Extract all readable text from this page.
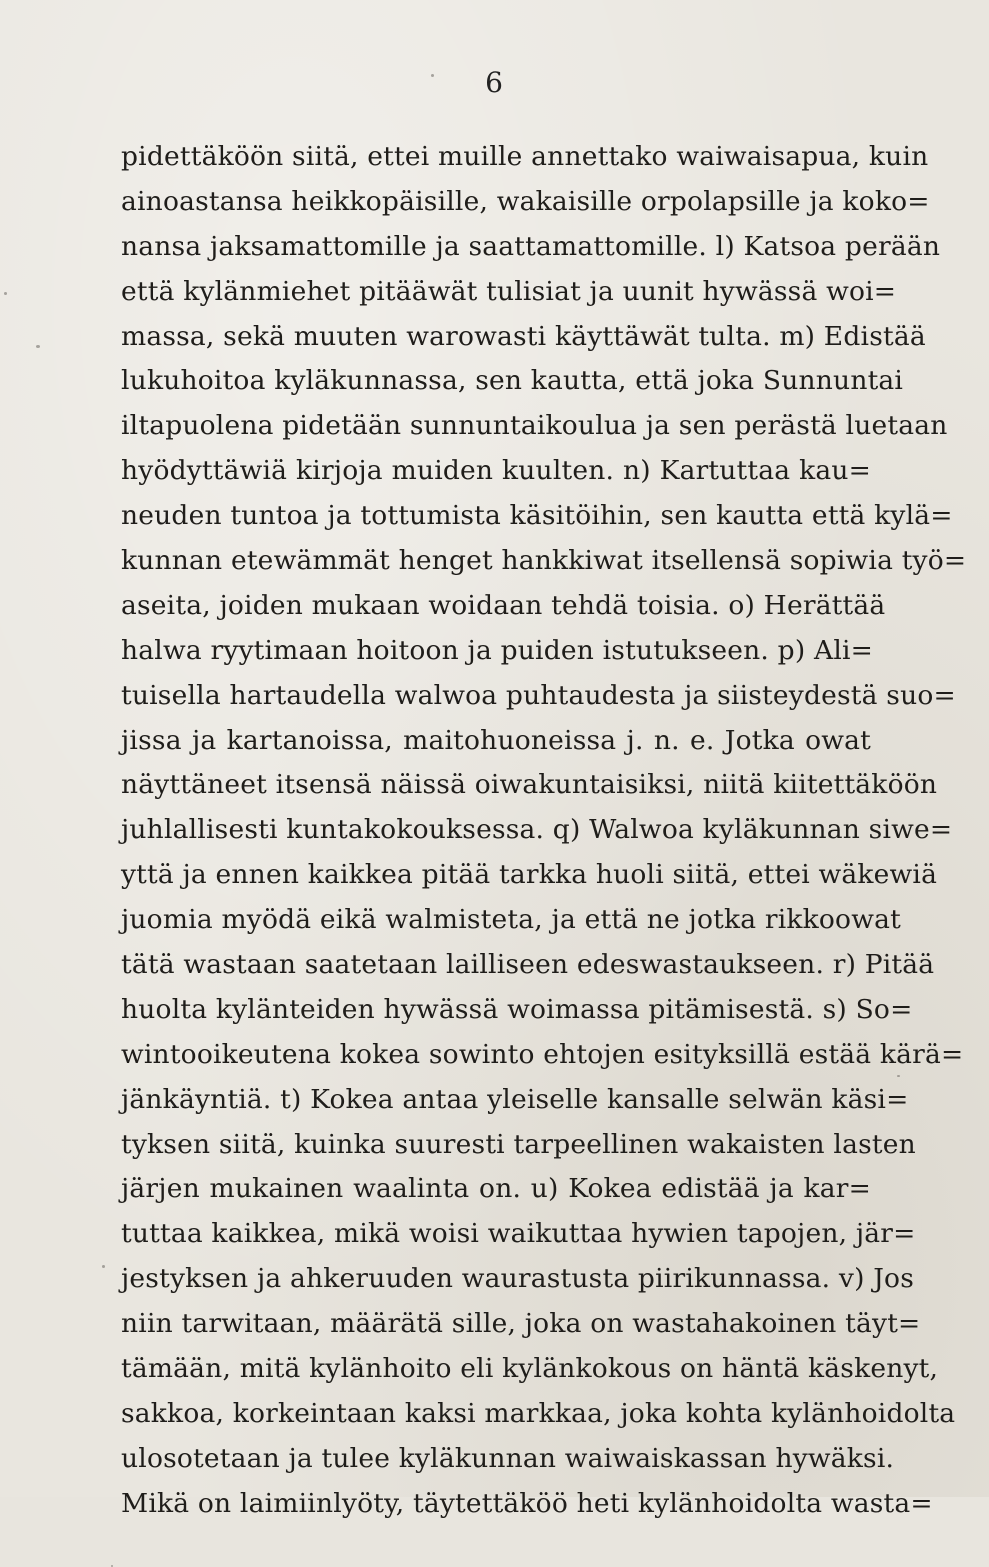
6
pidettäköön siitä, ettei muille annettako waiwaisapua, kuin
ainoastansa heikkopäisille, wakaisille orpolapsille ja koko=
nansa jaksamattomille ja saattamattomille. l) Katsoa perään
että kylänmiehet pitääwät tulisiat ja uunit hywässä woi=
massa, sekä muuten warowasti käyttäwät tulta. m) Edistää
lukuhoitoa kyläkunnassa, sen kautta, että joka Sunnuntai
iltapuolena pidetään sunnuntaikoulua ja sen perästä luetaan
hyödyttäwiä kirjoja muiden kuulten. n) Kartuttaa kau=
neuden tuntoa ja tottumista käsitöihin, sen kautta että kylä=
kunnan etewämmät henget hankkiwat itsellensä sopiwia työ=
aseita, joiden mukaan woidaan tehdä toisia. o) Herättää
halwa ryytimaan hoitoon ja puiden istutukseen. p) Ali=
tuisella hartaudella walwoa puhtaudesta ja siisteydestä suo=
jissa ja kartanoissa, maitohuoneissa j. n. e. Jotka owat
näyttäneet itsensä näissä oiwakuntaisiksi, niitä kiitettäköön
juhlallisesti kuntakokouksessa. q) Walwoa kyläkunnan siwe=
yttä ja ennen kaikkea pitää tarkka huoli siitä, ettei wäkewiä
juomia myödä eikä walmisteta, ja että ne jotka rikkoowat
tätä wastaan saatetaan lailliseen edeswastaukseen. r) Pitää
huolta kylänteiden hywässä woimassa pitämisestä. s) So=
wintooikeutena kokea sowinto ehtojen esityksillä estää kärä=
jänkäyntiä. t) Kokea antaa yleiselle kansalle selwän käsi=
tyksen siitä, kuinka suuresti tarpeellinen wakaisten lasten
järjen mukainen waalinta on. u) Kokea edistää ja kar=
tuttaa kaikkea, mikä woisi waikuttaa hywien tapojen, jär=
jestyksen ja ahkeruuden waurastusta piirikunnassa. v) Jos
niin tarwitaan, määrätä sille, joka on wastahakoinen täyt=
tämään, mitä kylänhoito eli kylänkokous on häntä käskenyt,
sakkoa, korkeintaan kaksi markkaa, joka kohta kylänhoidolta
ulosotetaan ja tulee kyläkunnan waiwaiskassan hywäksi.
Mikä on laimiinlyöty, täytettäköö heti kylänhoidolta wasta=
